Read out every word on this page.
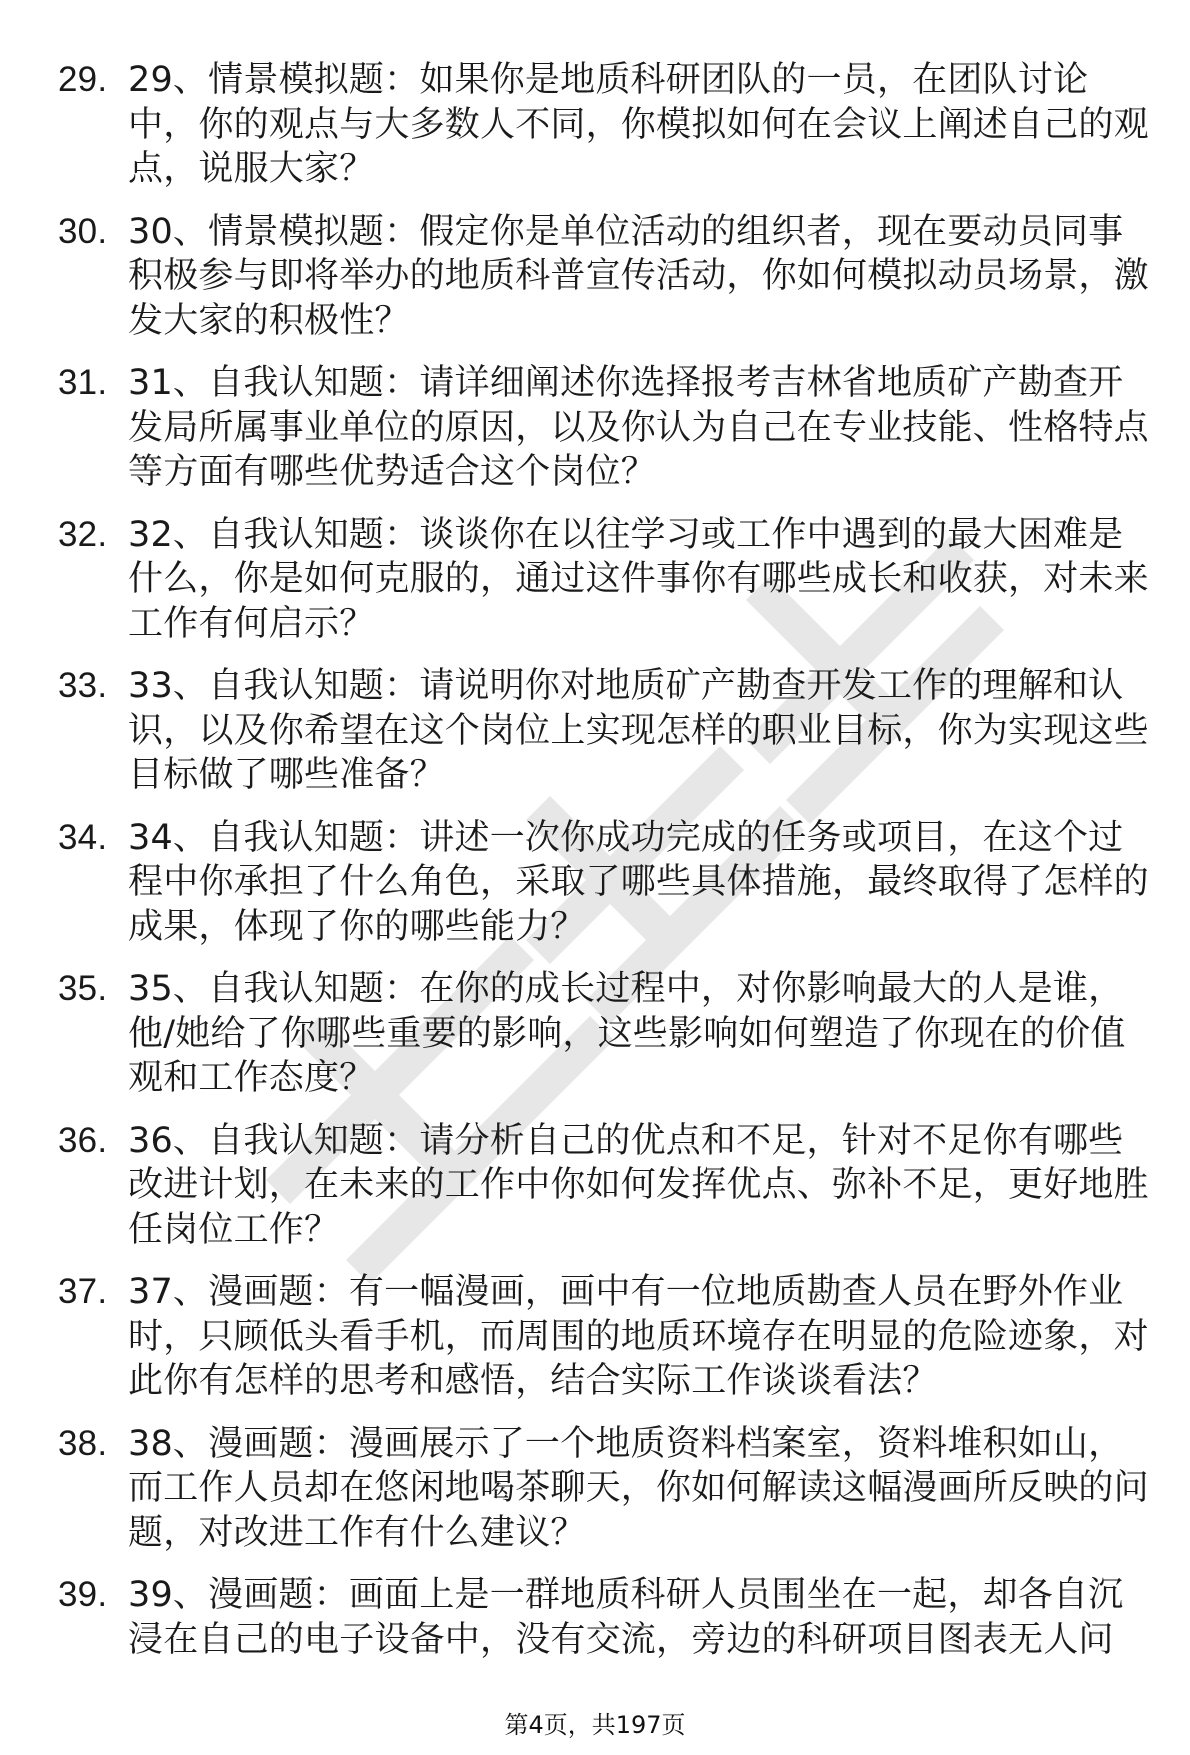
29. 29、情景模拟题：如果你是地质科研团队的一员，在团队讨论中，你的观点与大多数人不同，你模拟如何在会议上阐述自己的观点，说服大家？
30. 30、情景模拟题：假定你是单位活动的组织者，现在要动员同事积极参与即将举办的地质科普宣传活动，你如何模拟动员场景，激发大家的积极性？
31. 31、自我认知题：请详细阐述你选择报考吉林省地质矿产勘查开发局所属事业单位的原因，以及你认为自己在专业技能、性格特点等方面有哪些优势适合这个岗位？
32. 32、自我认知题：谈谈你在以往学习或工作中遇到的最大困难是什么，你是如何克服的，通过这件事你有哪些成长和收获，对未来工作有何启示？
33. 33、自我认知题：请说明你对地质矿产勘查开发工作的理解和认识，以及你希望在这个岗位上实现怎样的职业目标，你为实现这些目标做了哪些准备？
34. 34、自我认知题：讲述一次你成功完成的任务或项目，在这个过程中你承担了什么角色，采取了哪些具体措施，最终取得了怎样的成果，体现了你的哪些能力？
35. 35、自我认知题：在你的成长过程中，对你影响最大的人是谁，他/她给了你哪些重要的影响，这些影响如何塑造了你现在的价值观和工作态度？
36. 36、自我认知题：请分析自己的优点和不足，针对不足你有哪些改进计划，在未来的工作中你如何发挥优点、弥补不足，更好地胜任岗位工作？
37. 37、漫画题：有一幅漫画，画中有一位地质勘查人员在野外作业时，只顾低头看手机，而周围的地质环境存在明显的危险迹象，对此你有怎样的思考和感悟，结合实际工作谈谈看法？
38. 38、漫画题：漫画展示了一个地质资料档案室，资料堆积如山，而工作人员却在悠闲地喝茶聊天，你如何解读这幅漫画所反映的问题，对改进工作有什么建议？
39. 39、漫画题：画面上是一群地质科研人员围坐在一起，却各自沉浸在自己的电子设备中，没有交流，旁边的科研项目图表无人问
第4页，共197页
